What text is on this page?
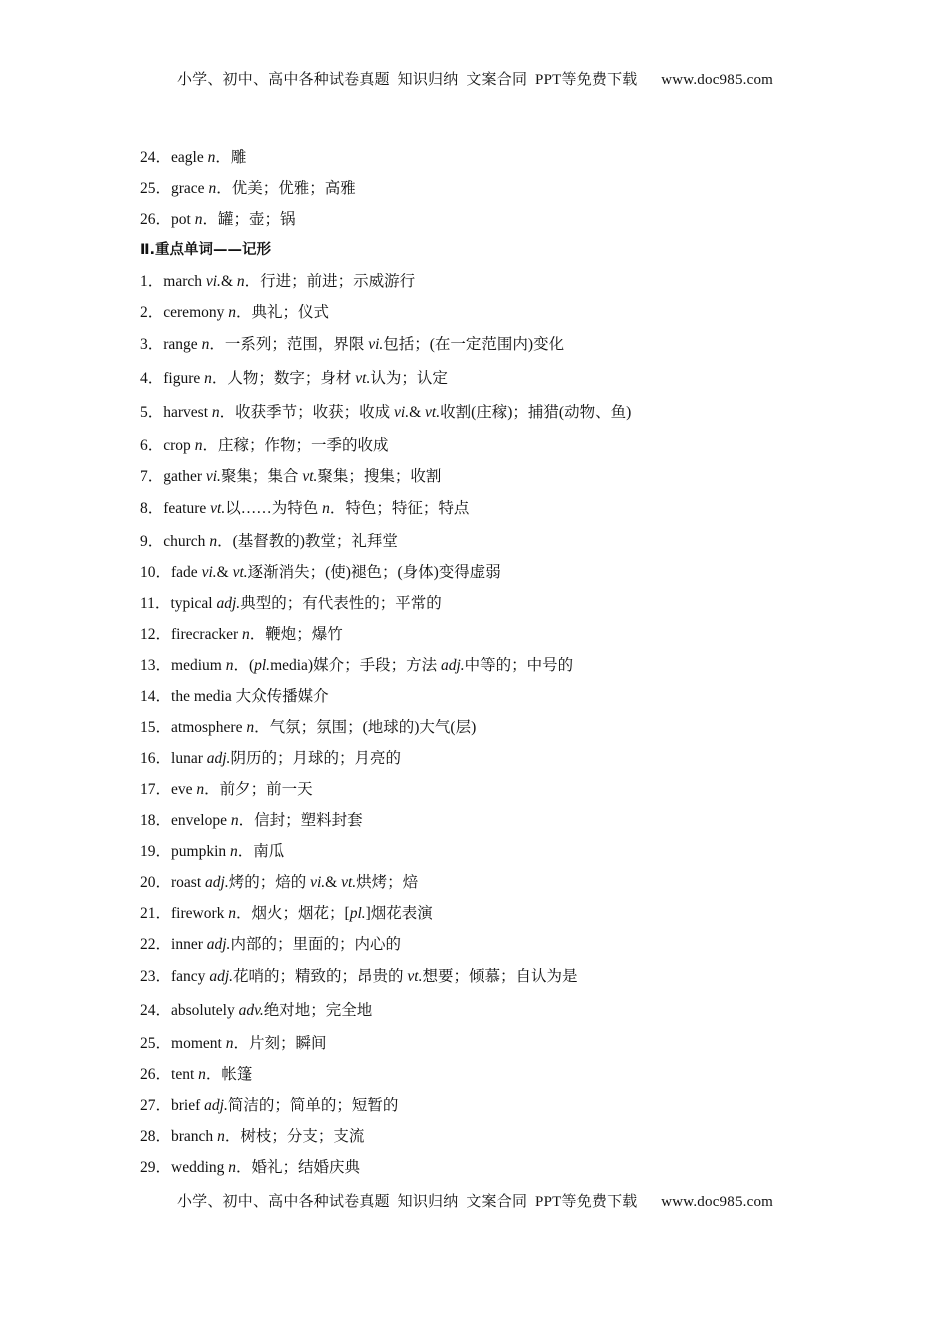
小学、初中、高中各种试卷真题  知识归纳  文案合同  PPT等免费下载 www.doc985.com
24．eagle n．雕
25．grace n．优美；优雅；高雅
26．pot n．罐；壶；锅
Ⅱ.重点单词——记形
1．march vi.& n．行进；前进；示威游行
2．ceremony n．典礼；仪式
3．range n．一系列；范围，界限 vi.包括；(在一定范围内)变化
4．figure n．人物；数字；身材 vt.认为；认定
5．harvest n．收获季节；收获；收成 vi.& vt.收割(庄稼)；捕猎(动物、鱼)
6．crop n．庄稼；作物；一季的收成
7．gather vi.聚集；集合 vt.聚集；搜集；收割
8．feature vt.以……为特色 n．特色；特征；特点
9．church n．(基督教的)教堂；礼拜堂
10．fade vi.& vt.逐渐消失；(使)褪色；(身体)变得虚弱
11．typical adj.典型的；有代表性的；平常的
12．firecracker n．鞭炮；爆竹
13．medium n．(pl.media)媒介；手段；方法 adj.中等的；中号的
14．the media 大众传播媒介
15．atmosphere n．气氛；氛围；(地球的)大气(层)
16．lunar adj.阴历的；月球的；月亮的
17．eve n．前夕；前一天
18．envelope n．信封；塑料封套
19．pumpkin n．南瓜
20．roast adj.烤的；焙的 vi.& vt.烘烤；焙
21．firework n．烟火；烟花；[pl.]烟花表演
22．inner adj.内部的；里面的；内心的
23．fancy adj.花哨的；精致的；昂贵的 vt.想要；倾慕；自认为是
24．absolutely adv.绝对地；完全地
25．moment n．片刻；瞬间
26．tent n．帐篷
27．brief adj.简洁的；简单的；短暂的
28．branch n．树枝；分支；支流
29．wedding n．婚礼；结婚庆典
小学、初中、高中各种试卷真题  知识归纳  文案合同  PPT等免费下载 www.doc985.com
